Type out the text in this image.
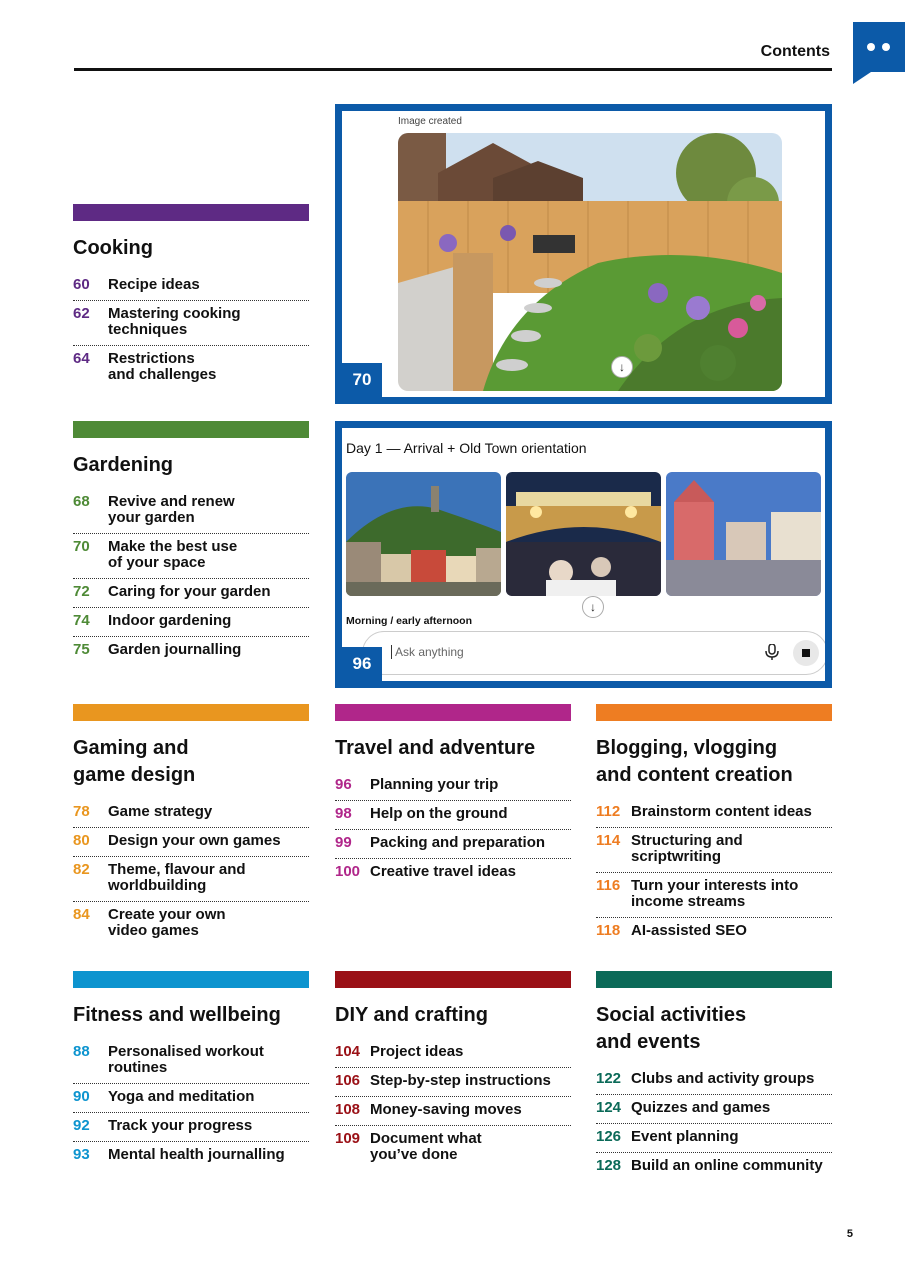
Contents
Image created
↓
70
Day 1 — Arrival + Old Town orientation
↓
Morning / early afternoon
Ask anything
96
Cooking
60	Recipe ideas
62	Mastering cooking
techniques
64	Restrictions
and challenges
Gardening
68	Revive and renew
your garden
70	Make the best use
of your space
72	Caring for your garden
74	Indoor gardening
75	Garden journalling
Gaming and
game design
78	Game strategy
80	Design your own games
82	Theme, flavour and
worldbuilding
84	Create your own
video games
Travel and adventure
96	Planning your trip
98	Help on the ground
99	Packing and preparation
100 Creative travel ideas
Blogging, vlogging
and content creation
112 Brainstorm content ideas
114 Structuring and
scriptwriting
116 Turn your interests into
income streams
118 AI-assisted SEO
Fitness and wellbeing
88	Personalised workout
routines
90	Yoga and meditation
92	Track your progress
93	Mental health journalling
DIY and crafting
104 Project ideas
106 Step-by-step instructions
108 Money-saving moves
109 Document what
you’ve done
Social activities
and events
122 Clubs and activity groups
124 Quizzes and games
126 Event planning
128 Build an online community
5
